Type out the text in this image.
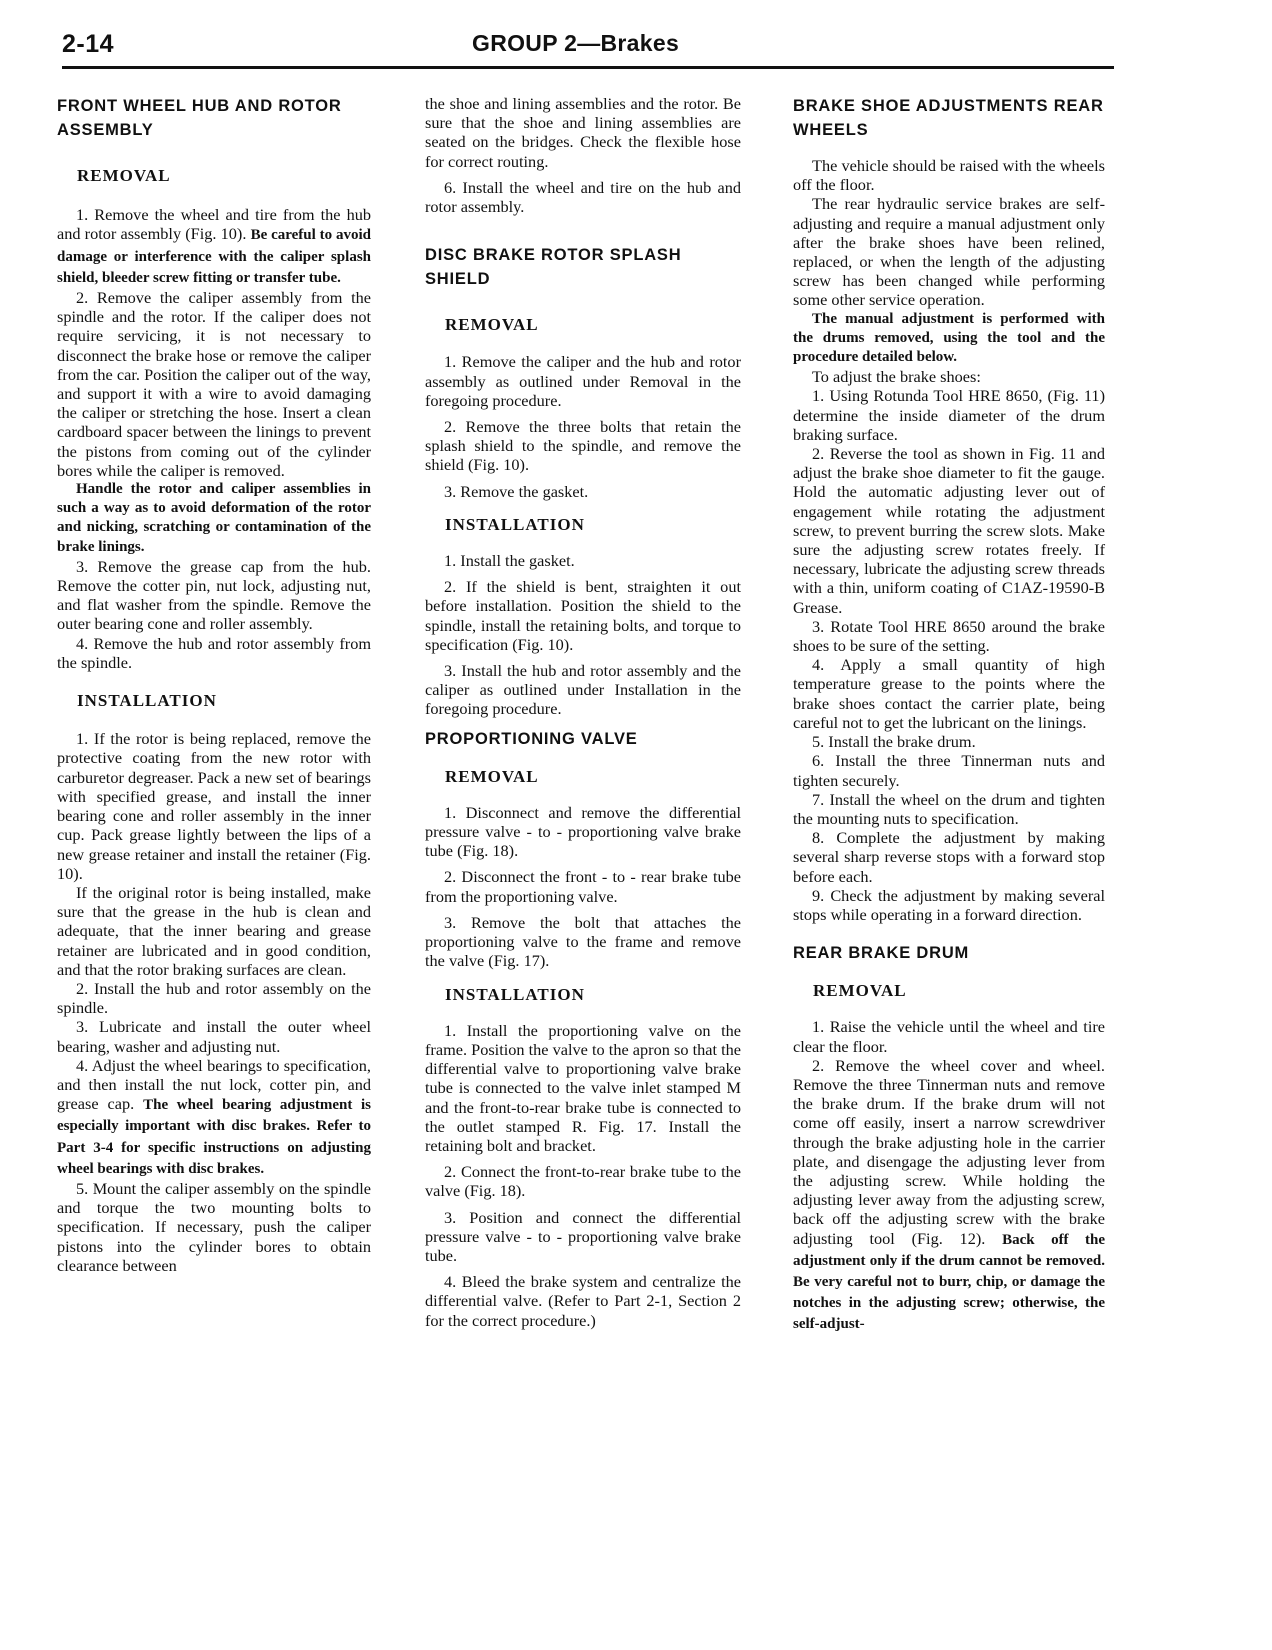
2-14	GROUP 2—Brakes

FRONT WHEEL HUB AND ROTOR ASSEMBLY

REMOVAL

1. Remove the wheel and tire from the hub and rotor assembly (Fig. 10). Be careful to avoid damage or interference with the caliper splash shield, bleeder screw fitting or transfer tube.

2. Remove the caliper assembly from the spindle and the rotor. If the caliper does not require servicing, it is not necessary to disconnect the brake hose or remove the caliper from the car. Position the caliper out of the way, and support it with a wire to avoid damaging the caliper or stretching the hose. Insert a clean cardboard spacer between the linings to prevent the pistons from coming out of the cylinder bores while the caliper is removed.

Handle the rotor and caliper assemblies in such a way as to avoid deformation of the rotor and nicking, scratching or contamination of the brake linings.

3. Remove the grease cap from the hub. Remove the cotter pin, nut lock, adjusting nut, and flat washer from the spindle. Remove the outer bearing cone and roller assembly.

4. Remove the hub and rotor assembly from the spindle.

INSTALLATION

1. If the rotor is being replaced, remove the protective coating from the new rotor with carburetor degreaser. Pack a new set of bearings with specified grease, and install the inner bearing cone and roller assembly in the inner cup. Pack grease lightly between the lips of a new grease retainer and install the retainer (Fig. 10).

If the original rotor is being installed, make sure that the grease in the hub is clean and adequate, that the inner bearing and grease retainer are lubricated and in good condition, and that the rotor braking surfaces are clean.

2. Install the hub and rotor assembly on the spindle.

3. Lubricate and install the outer wheel bearing, washer and adjusting nut.

4. Adjust the wheel bearings to specification, and then install the nut lock, cotter pin, and grease cap. The wheel bearing adjustment is especially important with disc brakes. Refer to Part 3-4 for specific instructions on adjusting wheel bearings with disc brakes.

5. Mount the caliper assembly on the spindle and torque the two mounting bolts to specification. If necessary, push the caliper pistons into the cylinder bores to obtain clearance between

the shoe and lining assemblies and the rotor. Be sure that the shoe and lining assemblies are seated on the bridges. Check the flexible hose for correct routing.

6. Install the wheel and tire on the hub and rotor assembly.

DISC BRAKE ROTOR SPLASH SHIELD

REMOVAL

1. Remove the caliper and the hub and rotor assembly as outlined under Removal in the foregoing procedure.

2. Remove the three bolts that retain the splash shield to the spindle, and remove the shield (Fig. 10).

3. Remove the gasket.

INSTALLATION

1. Install the gasket.

2. If the shield is bent, straighten it out before installation. Position the shield to the spindle, install the retaining bolts, and torque to specification (Fig. 10).

3. Install the hub and rotor assembly and the caliper as outlined under Installation in the foregoing procedure.

PROPORTIONING VALVE

REMOVAL

1. Disconnect and remove the differential pressure valve - to - proportioning valve brake tube (Fig. 18).

2. Disconnect the front - to - rear brake tube from the proportioning valve.

3. Remove the bolt that attaches the proportioning valve to the frame and remove the valve (Fig. 17).

INSTALLATION

1. Install the proportioning valve on the frame. Position the valve to the apron so that the differential valve to proportioning valve brake tube is connected to the valve inlet stamped M and the front-to-rear brake tube is connected to the outlet stamped R. Fig. 17. Install the retaining bolt and bracket.

2. Connect the front-to-rear brake tube to the valve (Fig. 18).

3. Position and connect the differential pressure valve - to - proportioning valve brake tube.

4. Bleed the brake system and centralize the differential valve. (Refer to Part 2-1, Section 2 for the correct procedure.)

BRAKE SHOE ADJUSTMENTS REAR WHEELS

The vehicle should be raised with the wheels off the floor.

The rear hydraulic service brakes are self-adjusting and require a manual adjustment only after the brake shoes have been relined, replaced, or when the length of the adjusting screw has been changed while performing some other service operation.

The manual adjustment is performed with the drums removed, using the tool and the procedure detailed below.

To adjust the brake shoes:

1. Using Rotunda Tool HRE 8650, (Fig. 11) determine the inside diameter of the drum braking surface.

2. Reverse the tool as shown in Fig. 11 and adjust the brake shoe diameter to fit the gauge. Hold the automatic adjusting lever out of engagement while rotating the adjustment screw, to prevent burring the screw slots. Make sure the adjusting screw rotates freely. If necessary, lubricate the adjusting screw threads with a thin, uniform coating of C1AZ-19590-B Grease.

3. Rotate Tool HRE 8650 around the brake shoes to be sure of the setting.

4. Apply a small quantity of high temperature grease to the points where the brake shoes contact the carrier plate, being careful not to get the lubricant on the linings.

5. Install the brake drum.

6. Install the three Tinnerman nuts and tighten securely.

7. Install the wheel on the drum and tighten the mounting nuts to specification.

8. Complete the adjustment by making several sharp reverse stops with a forward stop before each.

9. Check the adjustment by making several stops while operating in a forward direction.

REAR BRAKE DRUM

REMOVAL

1. Raise the vehicle until the wheel and tire clear the floor.

2. Remove the wheel cover and wheel. Remove the three Tinnerman nuts and remove the brake drum. If the brake drum will not come off easily, insert a narrow screwdriver through the brake adjusting hole in the carrier plate, and disengage the adjusting lever from the adjusting screw. While holding the adjusting lever away from the adjusting screw, back off the adjusting screw with the brake adjusting tool (Fig. 12). Back off the adjustment only if the drum cannot be removed. Be very careful not to burr, chip, or damage the notches in the adjusting screw; otherwise, the self-adjust-
